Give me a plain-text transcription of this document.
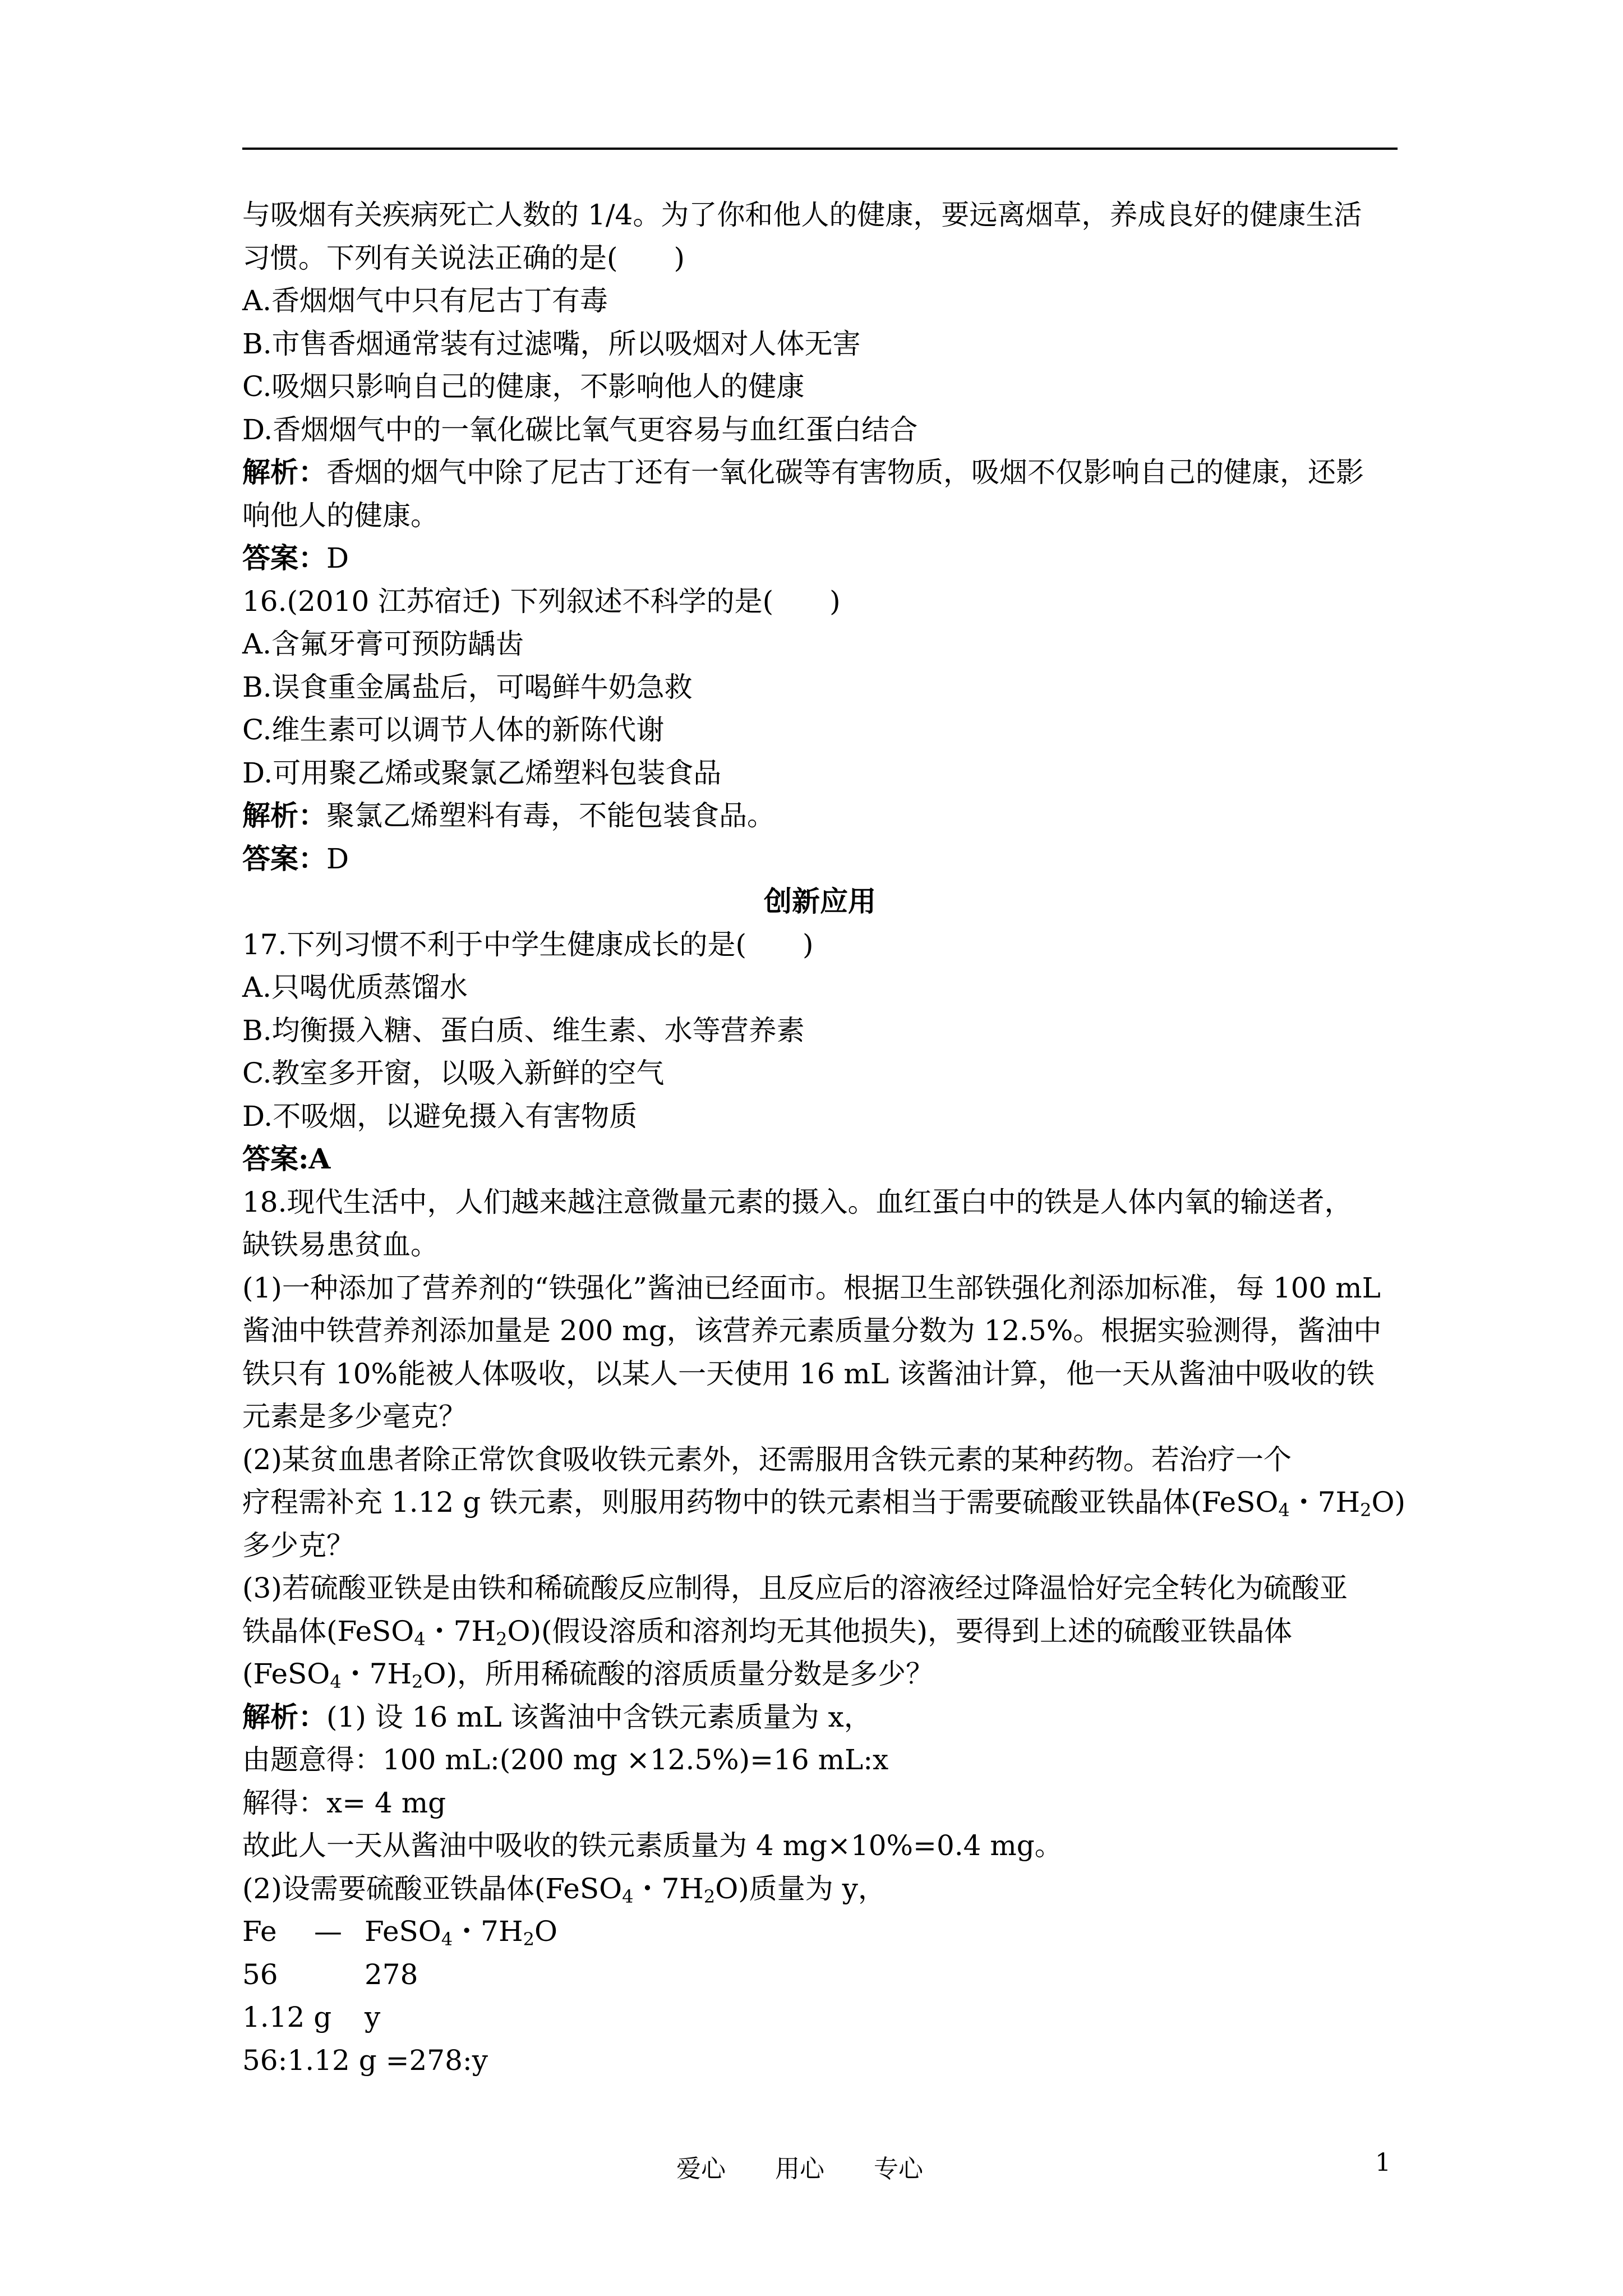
与吸烟有关疾病死亡人数的 1/4。为了你和他人的健康，要远离烟草，养成良好的健康生活
习惯。下列有关说法正确的是(　　)
A.香烟烟气中只有尼古丁有毒
B.市售香烟通常装有过滤嘴，所以吸烟对人体无害
C.吸烟只影响自己的健康，不影响他人的健康
D.香烟烟气中的一氧化碳比氧气更容易与血红蛋白结合
解析：香烟的烟气中除了尼古丁还有一氧化碳等有害物质，吸烟不仅影响自己的健康，还影
响他人的健康。
答案：D
16.(2010 江苏宿迁) 下列叙述不科学的是(　　)
A.含氟牙膏可预防龋齿
B.误食重金属盐后，可喝鲜牛奶急救
C.维生素可以调节人体的新陈代谢
D.可用聚乙烯或聚氯乙烯塑料包装食品
解析：聚氯乙烯塑料有毒，不能包装食品。
答案：D
创新应用
17.下列习惯不利于中学生健康成长的是(　　)
A.只喝优质蒸馏水
B.均衡摄入糖、蛋白质、维生素、水等营养素
C.教室多开窗，以吸入新鲜的空气
D.不吸烟，以避免摄入有害物质
答案:A
18.现代生活中，人们越来越注意微量元素的摄入。血红蛋白中的铁是人体内氧的输送者，
缺铁易患贫血。
(1)一种添加了营养剂的“铁强化”酱油已经面市。根据卫生部铁强化剂添加标准，每 100 mL
酱油中铁营养剂添加量是 200 mg，该营养元素质量分数为 12.5%。根据实验测得，酱油中
铁只有 10%能被人体吸收，以某人一天使用 16 mL 该酱油计算，他一天从酱油中吸收的铁
元素是多少毫克？
(2)某贫血患者除正常饮食吸收铁元素外，还需服用含铁元素的某种药物。若治疗一个
疗程需补充 1.12 g 铁元素，则服用药物中的铁元素相当于需要硫酸亚铁晶体(FeSO$_4$・$7H_2O$)
多少克？
(3)若硫酸亚铁是由铁和稀硫酸反应制得，且反应后的溶液经过降温恰好完全转化为硫酸亚
铁晶体(FeSO$_4$・$7H_2O$)(假设溶质和溶剂均无其他损失)，要得到上述的硫酸亚铁晶体
(FeSO$_4$・$7H_2O$)，所用稀硫酸的溶质质量分数是多少？
解析：(1) 设 16 mL 该酱油中含铁元素质量为 x，
由题意得：100 mL:(200 mg ×12.5%)=16 mL:x
解得：x= 4 mg
故此人一天从酱油中吸收的铁元素质量为 4 mg×10%=0.4 mg。
(2)设需要硫酸亚铁晶体(FeSO$_4$・$7H_2O$)质量为 y，
Fe — FeSO$_4$・$7H_2O$
56	278
1.12 g y
56:1.12 g =278:y
爱心　　用心　　专心	1
